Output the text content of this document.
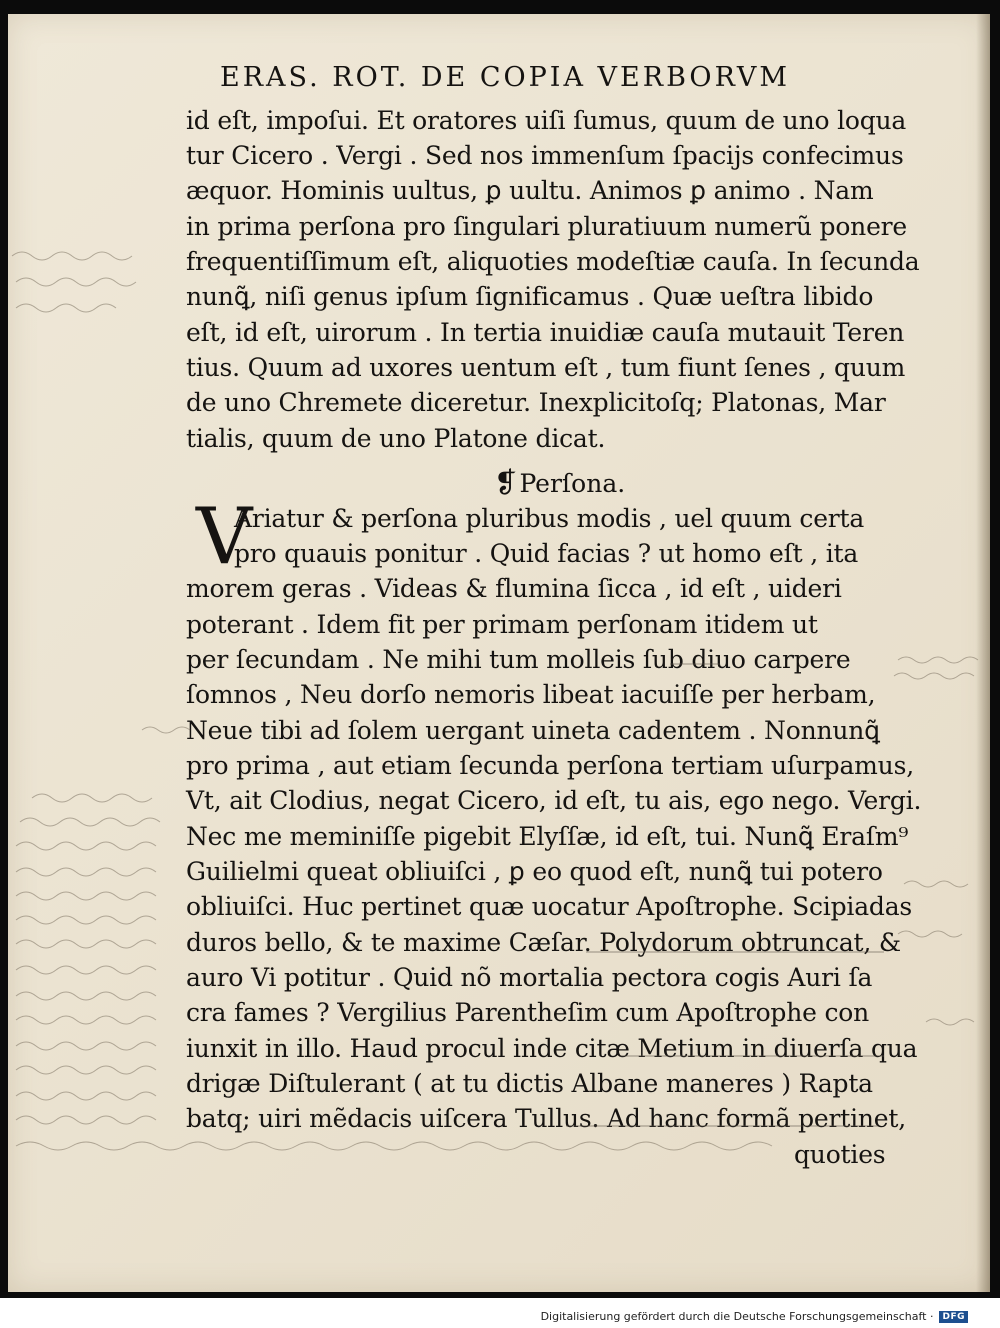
ERAS. ROT. DE COPIA VERBORVM
id eſt, impoſui. Et oratores uiſi ſumus, quum de uno loqua
tur Cicero . Vergi . Sed nos immenſum ſpacijs confecimus
æquor. Hominis uultus, ꝑ uultu. Animos ꝑ animo . Nam
in prima perſona pro ſingulari pluratiuum numerũ ponere
frequentiſſimum eſt, aliquoties modeſtiæ cauſa. In ſecunda
nunꝗ̃, niſi genus ipſum ſignificamus . Quæ ueſtra libido
eſt, id eſt, uirorum . In tertia inuidiæ cauſa mutauit Teren
tius. Quum ad uxores uentum eſt , tum fiunt ſenes , quum
de uno Chremete diceretur. Inexplicitoſq; Platonas, Mar
tialis, quum de uno Platone dicat.
❡Perſona.
V
Ariatur & perſona pluribus modis , uel quum certa
pro quauis ponitur . Quid facias ? ut homo eſt , ita
morem geras . Videas & flumina ſicca , id eſt , uideri
poterant . Idem fit per primam perſonam itidem ut
per ſecundam . Ne mihi tum molleis ſub diuo carpere
ſomnos , Neu dorſo nemoris libeat iacuiſſe per herbam,
Neue tibi ad ſolem uergant uineta cadentem . Nonnunꝗ̃
pro prima , aut etiam ſecunda perſona tertiam uſurpamus,
Vt, ait Clodius, negat Cicero, id eſt, tu ais, ego nego. Vergi.
Nec me meminiſſe pigebit Elyſſæ, id eſt, tui. Nunꝗ̃ Eraſm⁹
Guilielmi queat obliuiſci , ꝑ eo quod eſt, nunꝗ̃ tui potero
obliuiſci. Huc pertinet quæ uocatur Apoſtrophe. Scipiadas
duros bello, & te maxime Cæſar. Polydorum obtruncat, &
auro Vi potitur . Quid nõ mortalia pectora cogis Auri ſa
cra fames ? Vergilius Parentheſim cum Apoſtrophe con
iunxit in illo. Haud procul inde citæ Metium in diuerſa qua
drigæ Diſtulerant ( at tu dictis Albane maneres ) Rapta
batq; uiri mẽdacis uiſcera Tullus. Ad hanc formã pertinet,
quoties
Digitalisierung gefördert durch die Deutsche Forschungsgemeinschaft ·	DFG
